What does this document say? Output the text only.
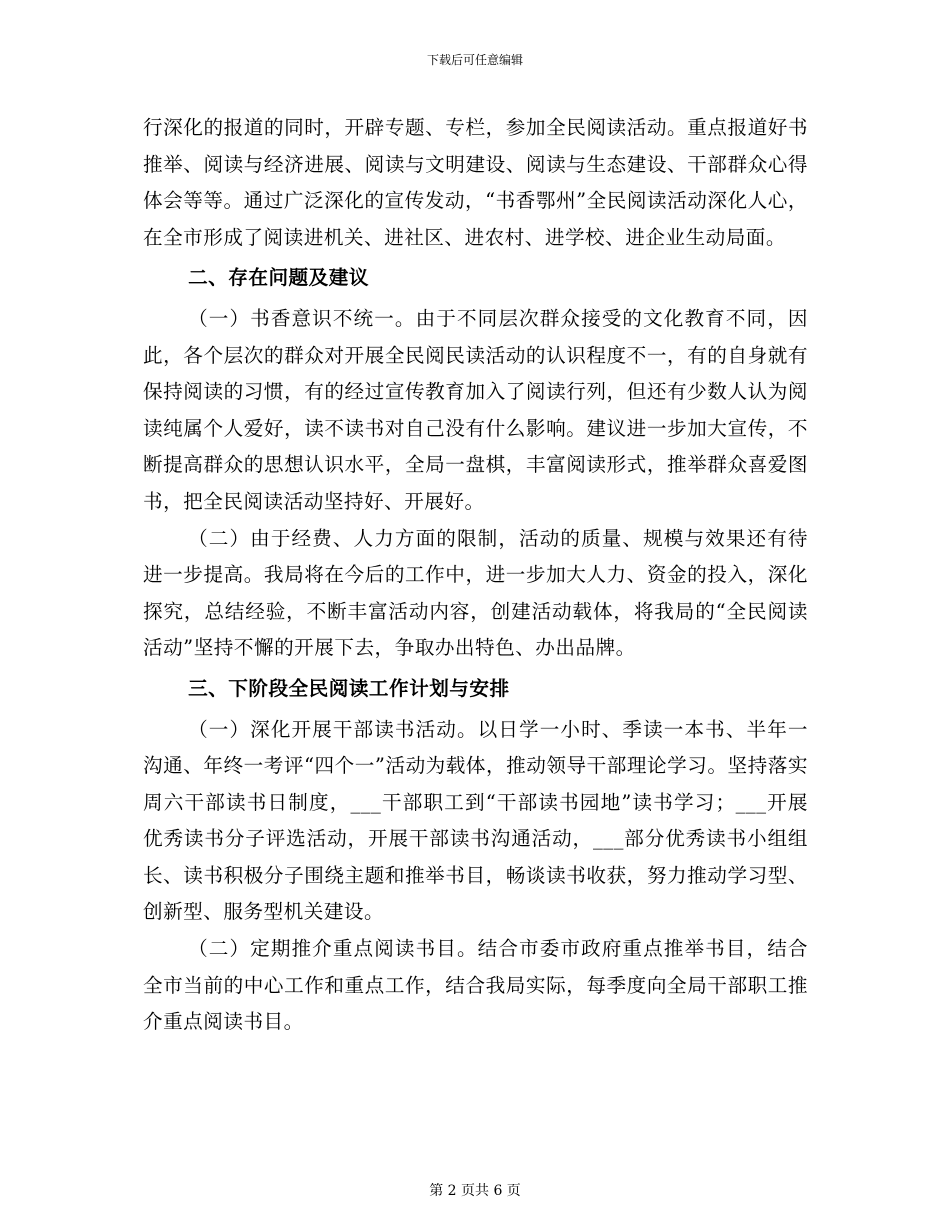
下载后可任意编辑

行深化的报道的同时，开辟专题、专栏，参加全民阅读活动。重点报道好书推举、阅读与经济进展、阅读与文明建设、阅读与生态建设、干部群众心得体会等等。通过广泛深化的宣传发动，“书香鄂州”全民阅读活动深化人心，在全市形成了阅读进机关、进社区、进农村、进学校、进企业生动局面。

二、存在问题及建议

（一）书香意识不统一。由于不同层次群众接受的文化教育不同，因此，各个层次的群众对开展全民阅民读活动的认识程度不一，有的自身就有保持阅读的习惯，有的经过宣传教育加入了阅读行列，但还有少数人认为阅读纯属个人爱好，读不读书对自己没有什么影响。建议进一步加大宣传，不断提高群众的思想认识水平，全局一盘棋，丰富阅读形式，推举群众喜爱图书，把全民阅读活动坚持好、开展好。

（二）由于经费、人力方面的限制，活动的质量、规模与效果还有待进一步提高。我局将在今后的工作中，进一步加大人力、资金的投入，深化探究，总结经验，不断丰富活动内容，创建活动载体，将我局的“全民阅读活动”坚持不懈的开展下去，争取办出特色、办出品牌。

三、下阶段全民阅读工作计划与安排

（一）深化开展干部读书活动。以日学一小时、季读一本书、半年一沟通、年终一考评“四个一”活动为载体，推动领导干部理论学习。坚持落实周六干部读书日制度，___干部职工到“干部读书园地”读书学习；___开展优秀读书分子评选活动，开展干部读书沟通活动，___部分优秀读书小组组长、读书积极分子围绕主题和推举书目，畅谈读书收获，努力推动学习型、创新型、服务型机关建设。

（二）定期推介重点阅读书目。结合市委市政府重点推举书目，结合全市当前的中心工作和重点工作，结合我局实际，每季度向全局干部职工推介重点阅读书目。

第 2 页共 6 页
